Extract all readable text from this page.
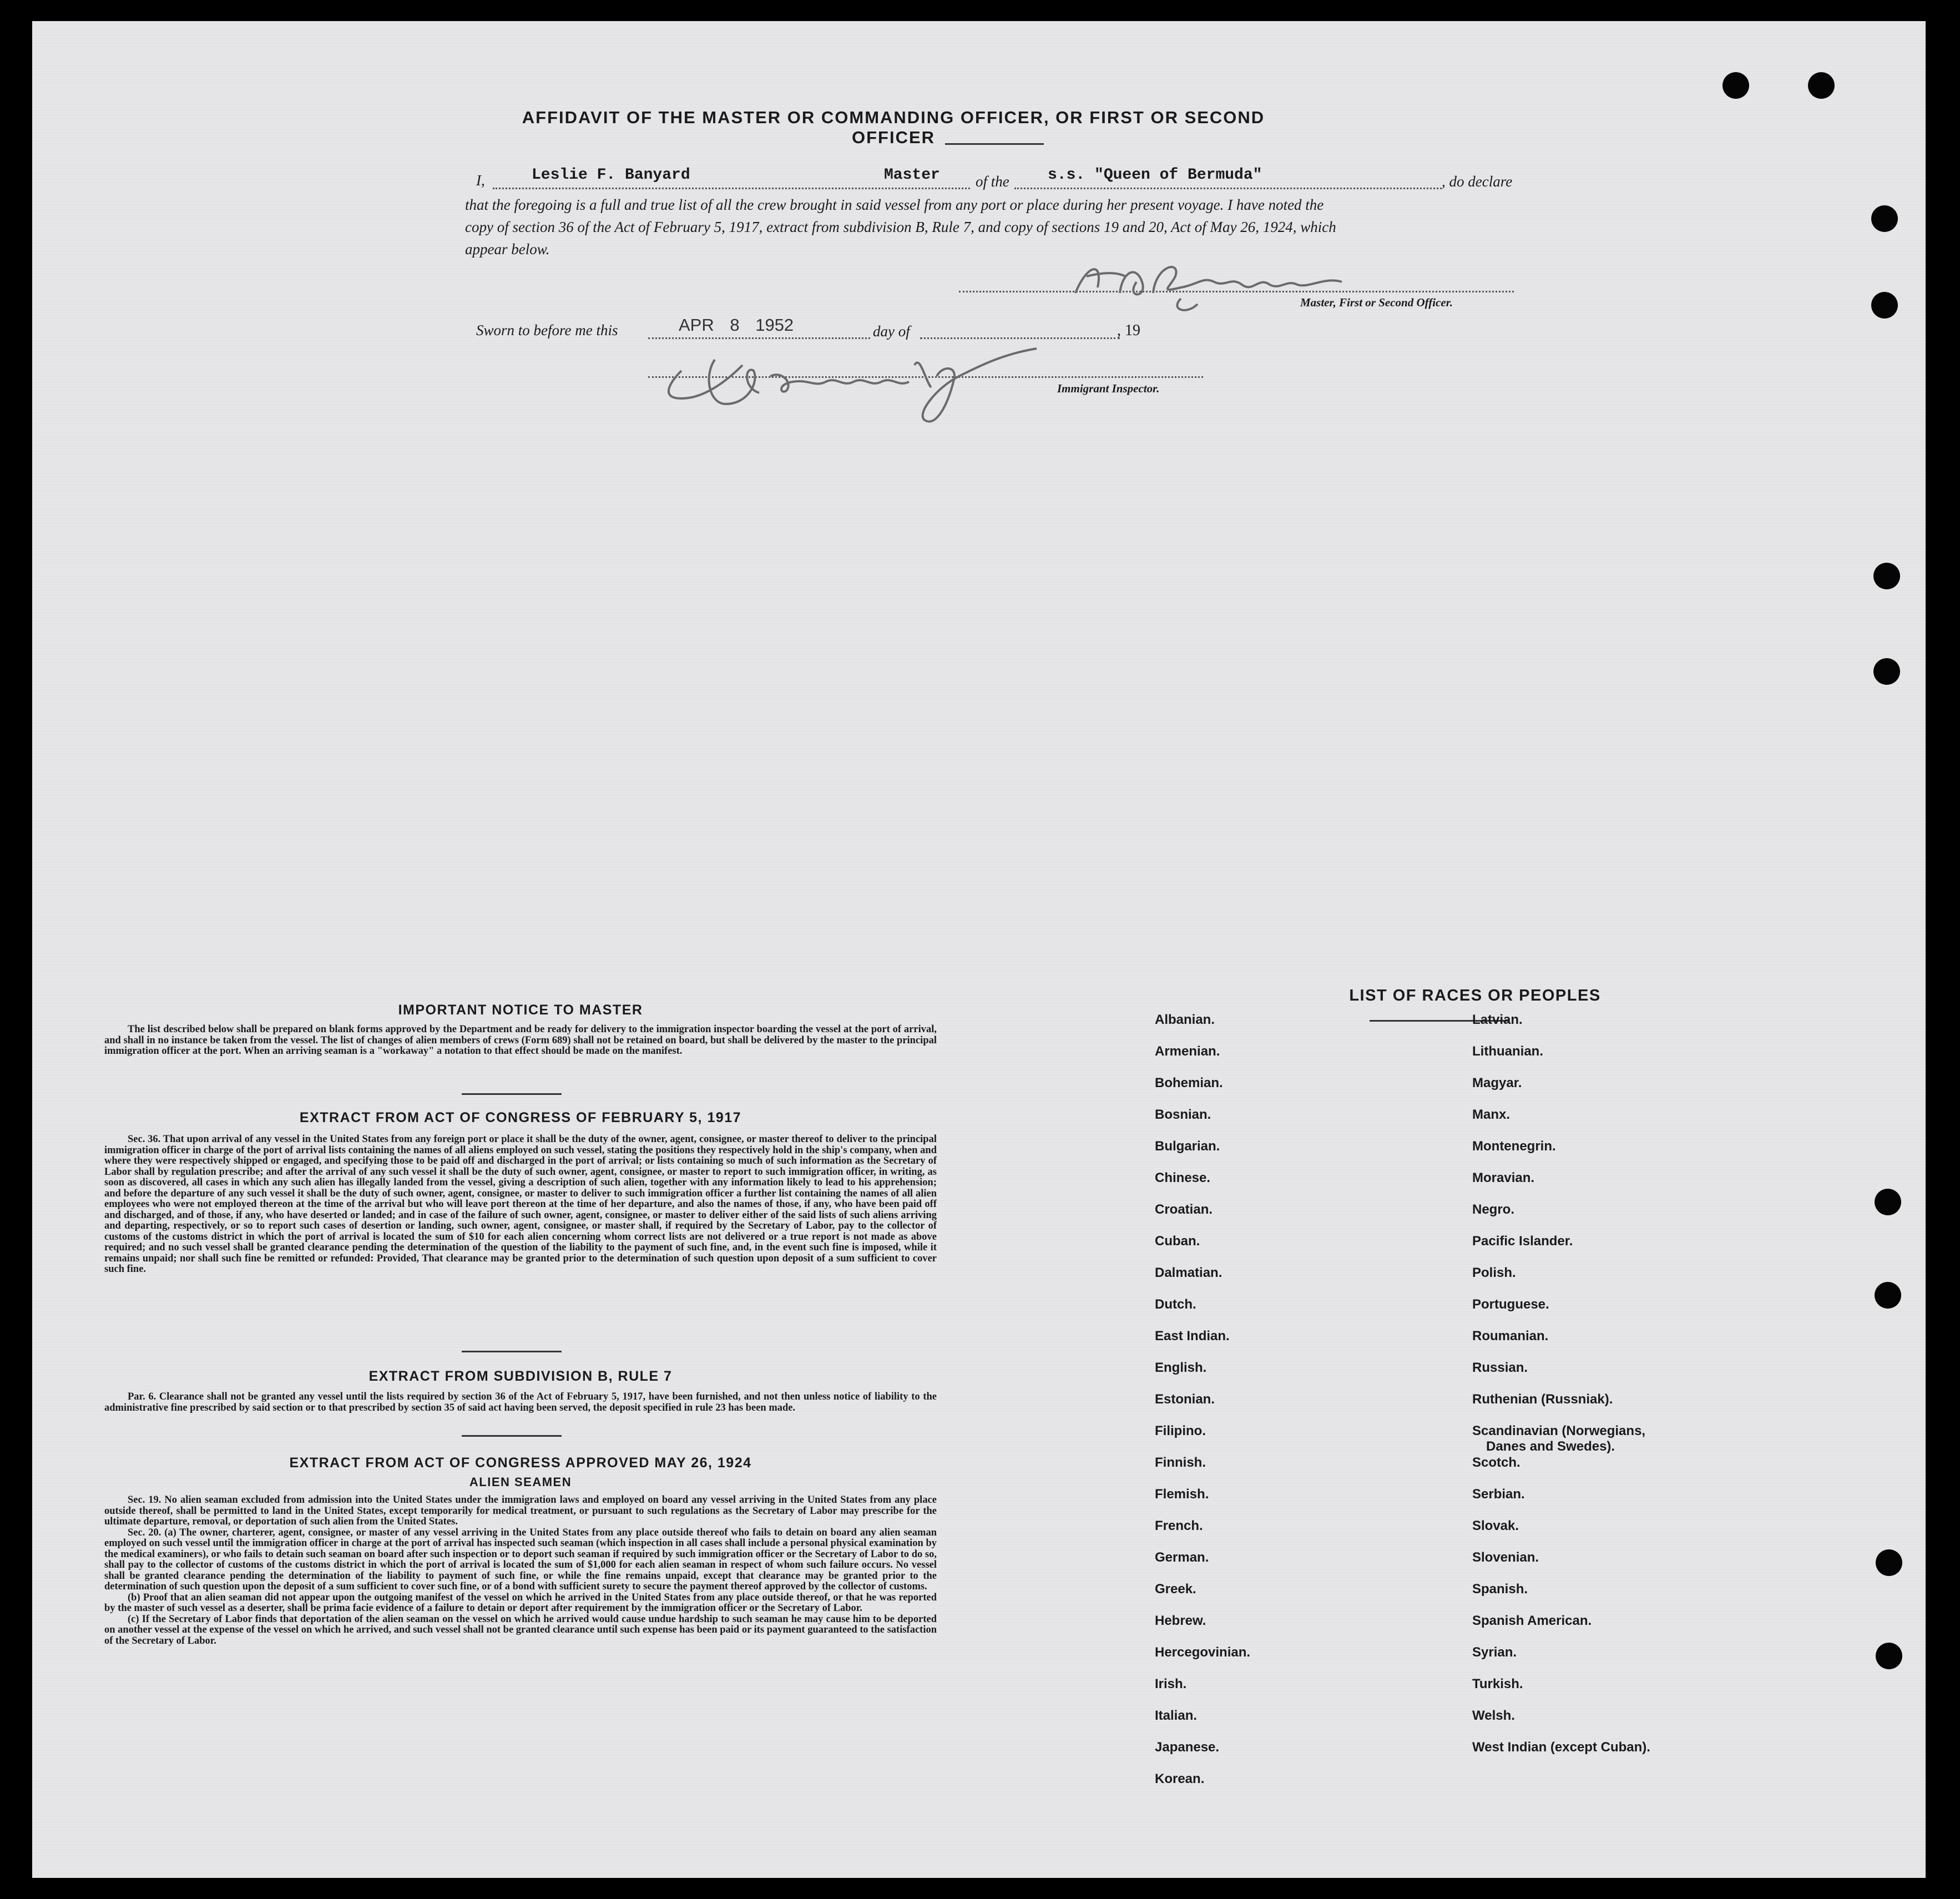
AFFIDAVIT OF THE MASTER OR COMMANDING OFFICER, OR FIRST OR SECOND OFFICER
I,	Leslie F. Banyard	Master of the s.s. "Queen of Bermuda"	, do declare
that the foregoing is a full and true list of all the crew brought in said vessel from any port or place during her present voyage. I have noted the
copy of section 36 of the Act of February 5, 1917, extract from subdivision B, Rule 7, and copy of sections 19 and 20, Act of May 26, 1924, which
appear below.
Master, First or Second Officer.
Sworn to before me this	APR 8 1952	day of	, 19
Immigrant Inspector.
IMPORTANT NOTICE TO MASTER

The list described below shall be prepared on blank forms approved by the Department and be ready for delivery to the immigration inspector boarding the vessel at the port of arrival, and shall in no instance be taken from the vessel. The list of changes of alien members of crews (Form 689) shall not be retained on board, but shall be delivered by the master to the principal immigration officer at the port. When an arriving seaman is a "workaway" a notation to that effect should be made on the manifest.

EXTRACT FROM ACT OF CONGRESS OF FEBRUARY 5, 1917

Sec. 36. That upon arrival of any vessel in the United States from any foreign port or place it shall be the duty of the owner, agent, consignee, or master thereof to deliver to the principal immigration officer in charge of the port of arrival lists containing the names of all aliens employed on such vessel, stating the positions they respectively hold in the ship's company, when and where they were respectively shipped or engaged, and specifying those to be paid off and discharged in the port of arrival; or lists containing so much of such information as the Secretary of Labor shall by regulation prescribe; and after the arrival of any such vessel it shall be the duty of such owner, agent, consignee, or master to report to such immigration officer, in writing, as soon as discovered, all cases in which any such alien has illegally landed from the vessel, giving a description of such alien, together with any information likely to lead to his apprehension; and before the departure of any such vessel it shall be the duty of such owner, agent, consignee, or master to deliver to such immigration officer a further list containing the names of all alien employees who were not employed thereon at the time of the arrival but who will leave port thereon at the time of her departure, and also the names of those, if any, who have been paid off and discharged, and of those, if any, who have deserted or landed; and in case of the failure of such owner, agent, consignee, or master to deliver either of the said lists of such aliens arriving and departing, respectively, or so to report such cases of desertion or landing, such owner, agent, consignee, or master shall, if required by the Secretary of Labor, pay to the collector of customs of the customs district in which the port of arrival is located the sum of $10 for each alien concerning whom correct lists are not delivered or a true report is not made as above required; and no such vessel shall be granted clearance pending the determination of the question of the liability to the payment of such fine, and, in the event such fine is imposed, while it remains unpaid; nor shall such fine be remitted or refunded: Provided, That clearance may be granted prior to the determination of such question upon deposit of a sum sufficient to cover such fine.

EXTRACT FROM SUBDIVISION B, RULE 7

Par. 6. Clearance shall not be granted any vessel until the lists required by section 36 of the Act of February 5, 1917, have been furnished, and not then unless notice of liability to the administrative fine prescribed by said section or to that prescribed by section 35 of said act having been served, the deposit specified in rule 23 has been made.

EXTRACT FROM ACT OF CONGRESS APPROVED MAY 26, 1924
ALIEN SEAMEN

Sec. 19. No alien seaman excluded from admission into the United States under the immigration laws and employed on board any vessel arriving in the United States from any place outside thereof, shall be permitted to land in the United States, except temporarily for medical treatment, or pursuant to such regulations as the Secretary of Labor may prescribe for the ultimate departure, removal, or deportation of such alien from the United States.

Sec. 20. (a) The owner, charterer, agent, consignee, or master of any vessel arriving in the United States from any place outside thereof who fails to detain on board any alien seaman employed on such vessel until the immigration officer in charge at the port of arrival has inspected such seaman (which inspection in all cases shall include a personal physical examination by the medical examiners), or who fails to detain such seaman on board after such inspection or to deport such seaman if required by such immigration officer or the Secretary of Labor to do so, shall pay to the collector of customs of the customs district in which the port of arrival is located the sum of $1,000 for each alien seaman in respect of whom such failure occurs. No vessel shall be granted clearance pending the determination of the liability to payment of such fine, or while the fine remains unpaid, except that clearance may be granted prior to the determination of such question upon the deposit of a sum sufficient to cover such fine, or of a bond with sufficient surety to secure the payment thereof approved by the collector of customs.

(b) Proof that an alien seaman did not appear upon the outgoing manifest of the vessel on which he arrived in the United States from any place outside thereof, or that he was reported by the master of such vessel as a deserter, shall be prima facie evidence of a failure to detain or deport after requirement by the immigration officer or the Secretary of Labor.

(c) If the Secretary of Labor finds that deportation of the alien seaman on the vessel on which he arrived would cause undue hardship to such seaman he may cause him to be deported on another vessel at the expense of the vessel on which he arrived, and such vessel shall not be granted clearance until such expense has been paid or its payment guaranteed to the satisfaction of the Secretary of Labor.

LIST OF RACES OR PEOPLES
Albanian.
Armenian.
Bohemian.
Bosnian.
Bulgarian.
Chinese.
Croatian.
Cuban.
Dalmatian.
Dutch.
East Indian.
English.
Estonian.
Filipino.
Finnish.
Flemish.
French.
German.
Greek.
Hebrew.
Hercegovinian.
Irish.
Italian.
Japanese.
Korean.
Latvian.
Lithuanian.
Magyar.
Manx.
Montenegrin.
Moravian.
Negro.
Pacific Islander.
Polish.
Portuguese.
Roumanian.
Russian.
Ruthenian (Russniak).
Scandinavian (Norwegians,
Danes and Swedes).
Scotch.
Serbian.
Slovak.
Slovenian.
Spanish.
Spanish American.
Syrian.
Turkish.
Welsh.
West Indian (except Cuban).
